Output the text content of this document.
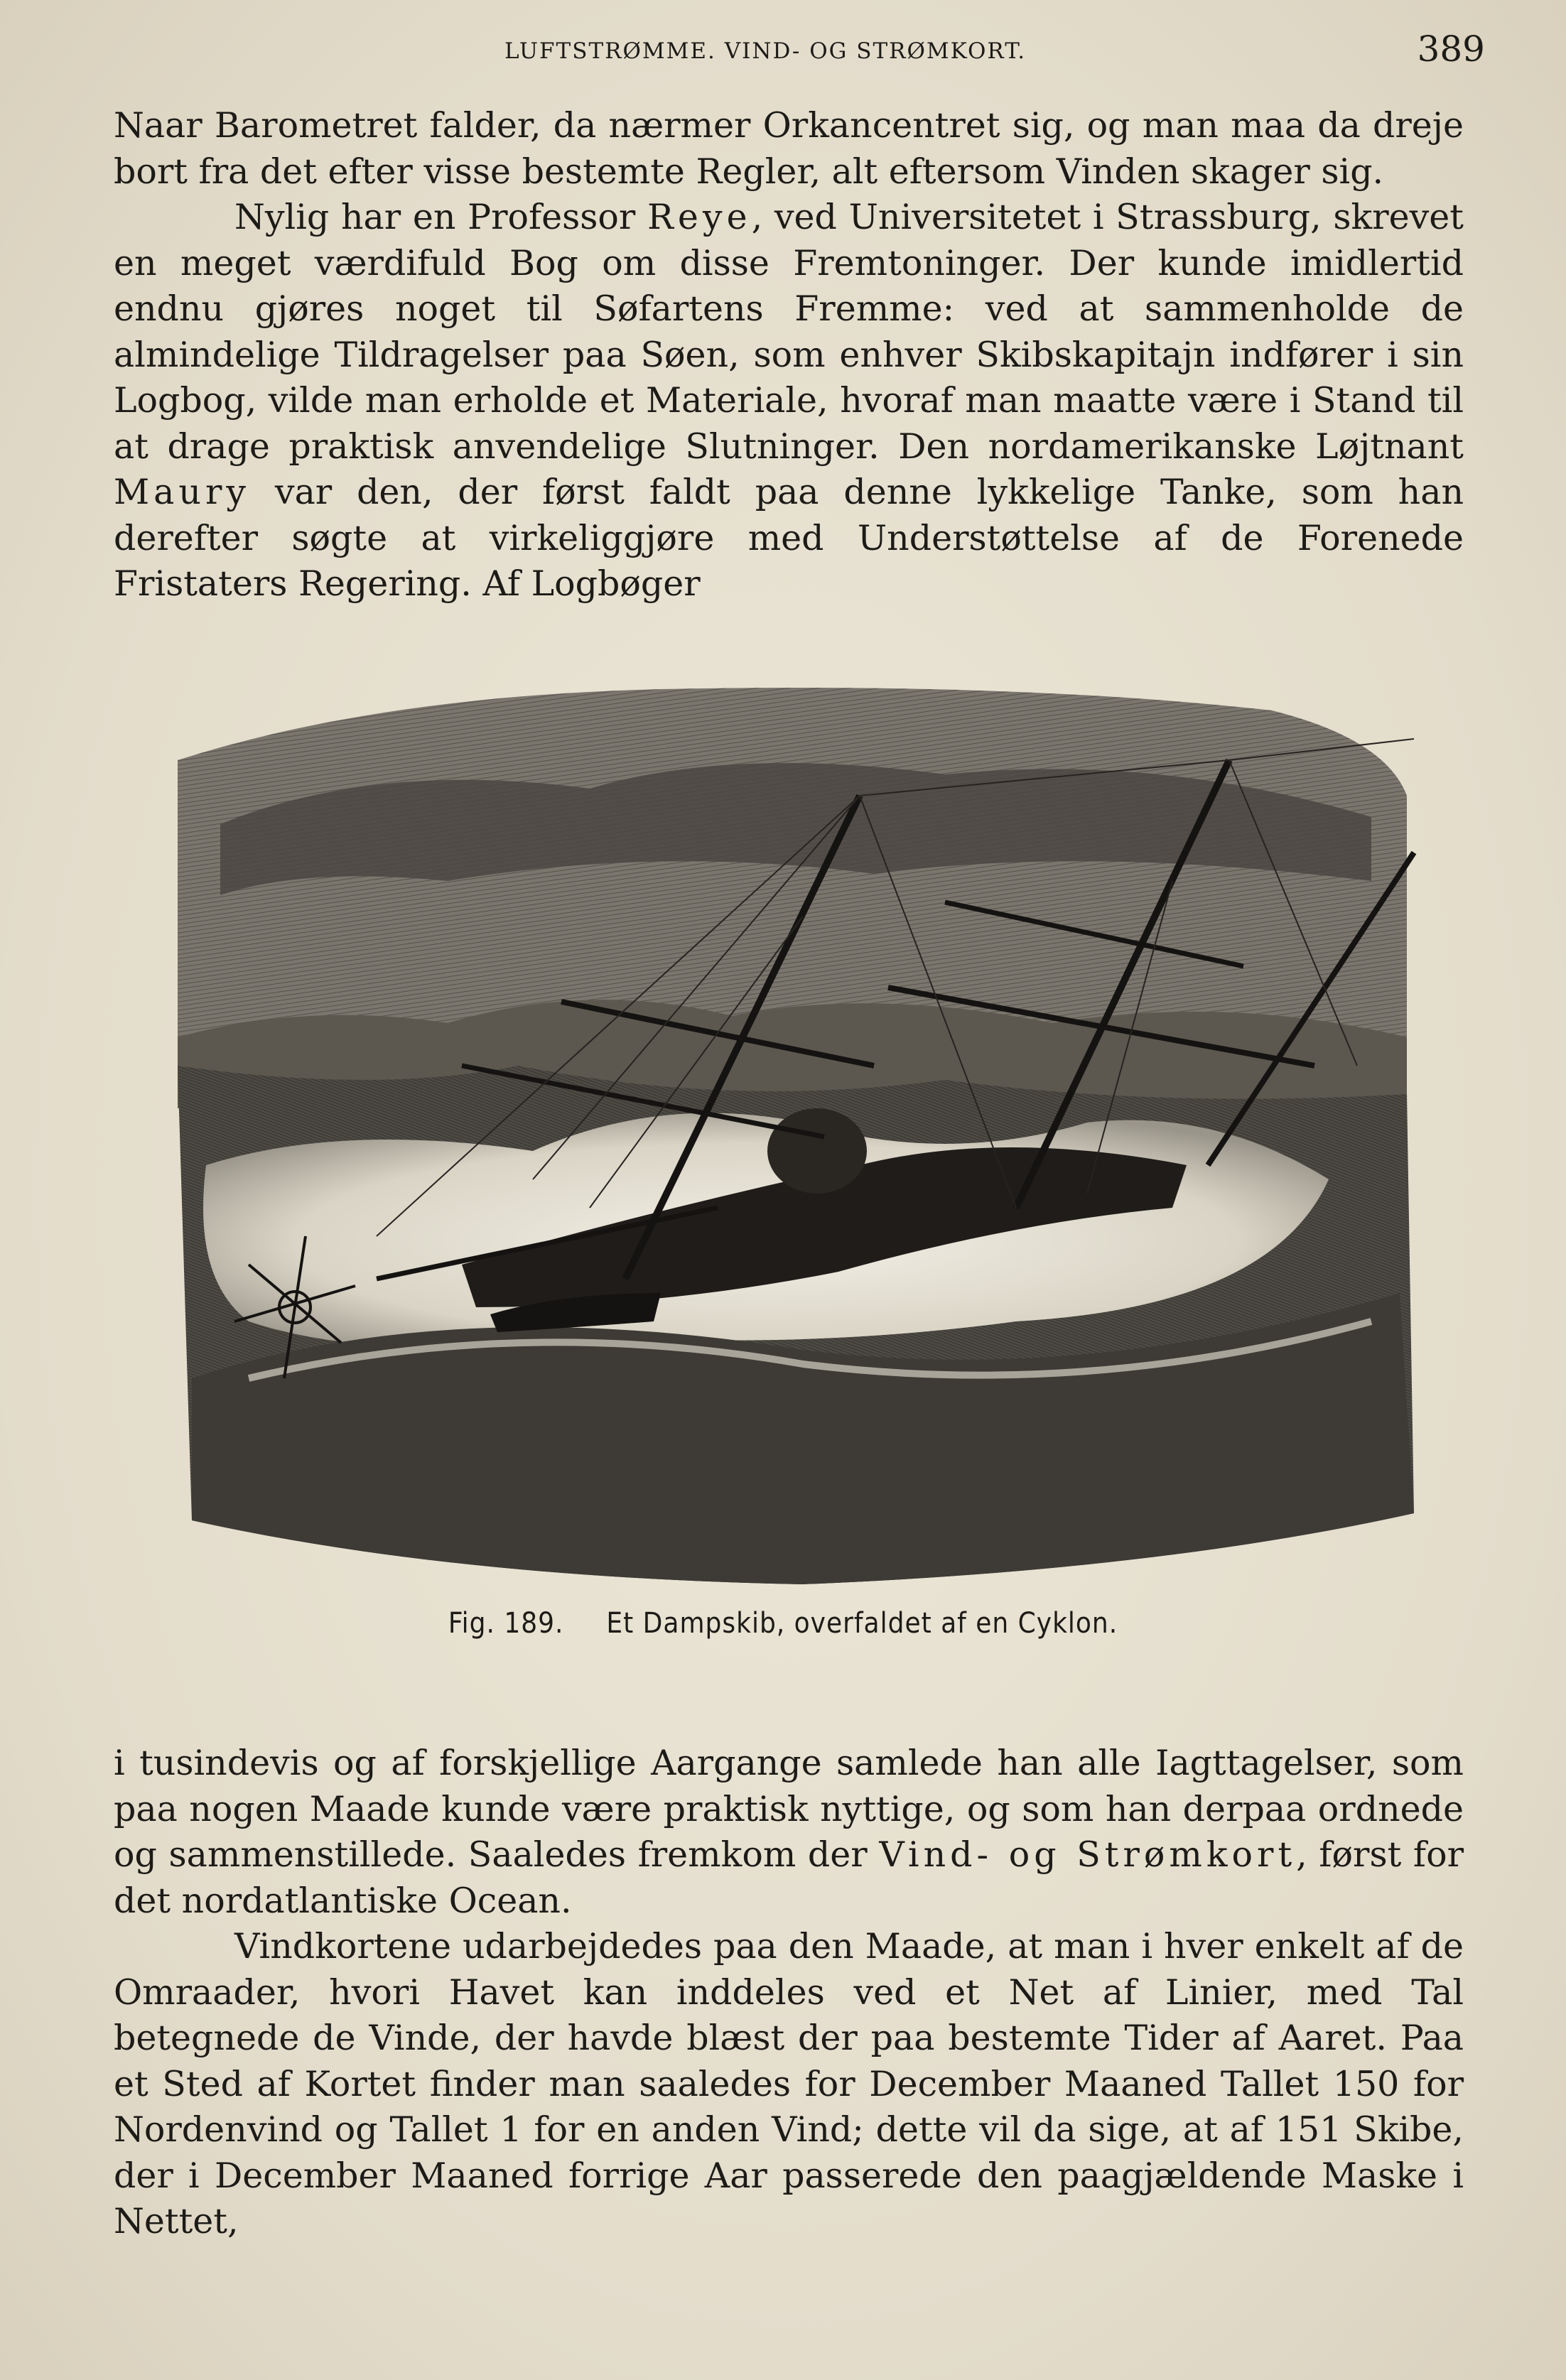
LUFTSTRØMME. VIND- OG STRØMKORT.	389

Naar Barometret falder, da nærmer Orkancentret sig, og man maa da dreje bort fra det efter visse bestemte Regler, alt eftersom Vinden skager sig.

Nylig har en Professor Reye, ved Universitetet i Strassburg, skrevet en meget værdifuld Bog om disse Fremtoninger. Der kunde imidlertid endnu gjøres noget til Søfartens Fremme: ved at sammenholde de almindelige Tildragelser paa Søen, som enhver Skibskapitajn indfører i sin Logbog, vilde man erholde et Materiale, hvoraf man maatte være i Stand til at drage praktisk anvendelige Slutninger. Den nordamerikanske Løjtnant Maury var den, der først faldt paa denne lykkelige Tanke, som han derefter søgte at virkeliggjøre med Understøttelse af de Forenede Fristaters Regering. Af Logbøger

Fig. 189. Et Dampskib, overfaldet af en Cyklon.

i tusindevis og af forskjellige Aargange samlede han alle Iagttagelser, som paa nogen Maade kunde være praktisk nyttige, og som han derpaa ordnede og sammenstillede. Saaledes fremkom der Vind- og Strømkort, først for det nordatlantiske Ocean.

Vindkortene udarbejdedes paa den Maade, at man i hver enkelt af de Omraader, hvori Havet kan inddeles ved et Net af Linier, med Tal betegnede de Vinde, der havde blæst der paa bestemte Tider af Aaret. Paa et Sted af Kortet finder man saaledes for December Maaned Tallet 150 for Nordenvind og Tallet 1 for en anden Vind; dette vil da sige, at af 151 Skibe, der i December Maaned forrige Aar passerede den paagjældende Maske i Nettet,
